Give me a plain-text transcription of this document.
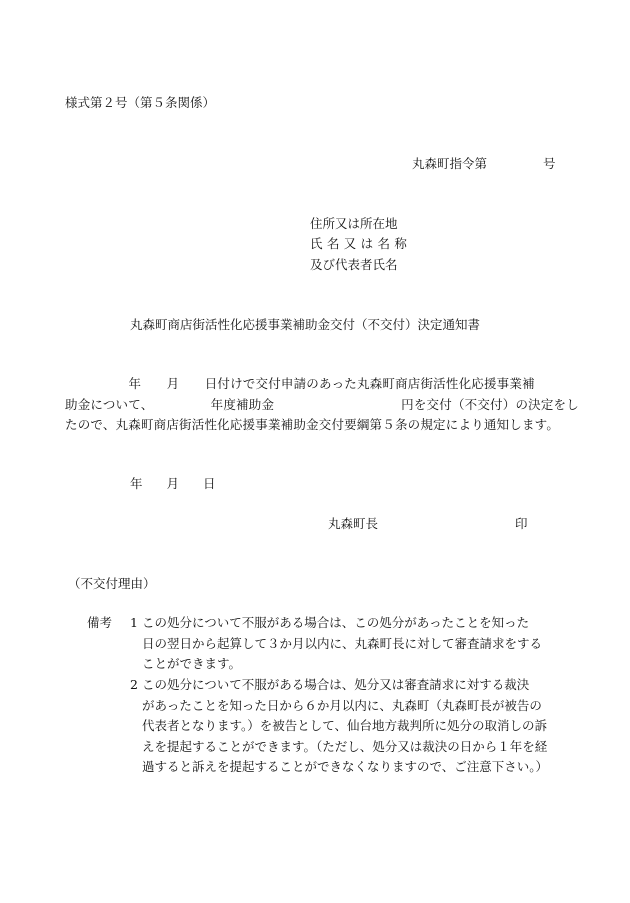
様式第２号（第５条関係）
丸森町指令第	号
住所又は所在地
氏名又は名称
及び代表者氏名
丸森町商店街活性化応援事業補助金交付（不交付）決定通知書
　　　　　年　　月　　日付けで交付申請のあった丸森町商店街活性化応援事業補
助金について、　　　　　年度補助金　　　　　　　　　　円を交付（不交付）の決定をし
たので、丸森町商店街活性化応援事業補助金交付要綱第５条の規定により通知します。
年 月 日
丸森町長	印
（不交付理由）
備考 1 この処分について不服がある場合は、この処分があったことを知った
日の翌日から起算して３か月以内に、丸森町長に対して審査請求をする
ことができます。
2 この処分について不服がある場合は、処分又は審査請求に対する裁決
があったことを知った日から６か月以内に、丸森町（丸森町長が被告の
代表者となります。）を被告として、仙台地方裁判所に処分の取消しの訴
えを提起することができます。（ただし、処分又は裁決の日から１年を経
過すると訴えを提起することができなくなりますので、ご注意下さい。）
